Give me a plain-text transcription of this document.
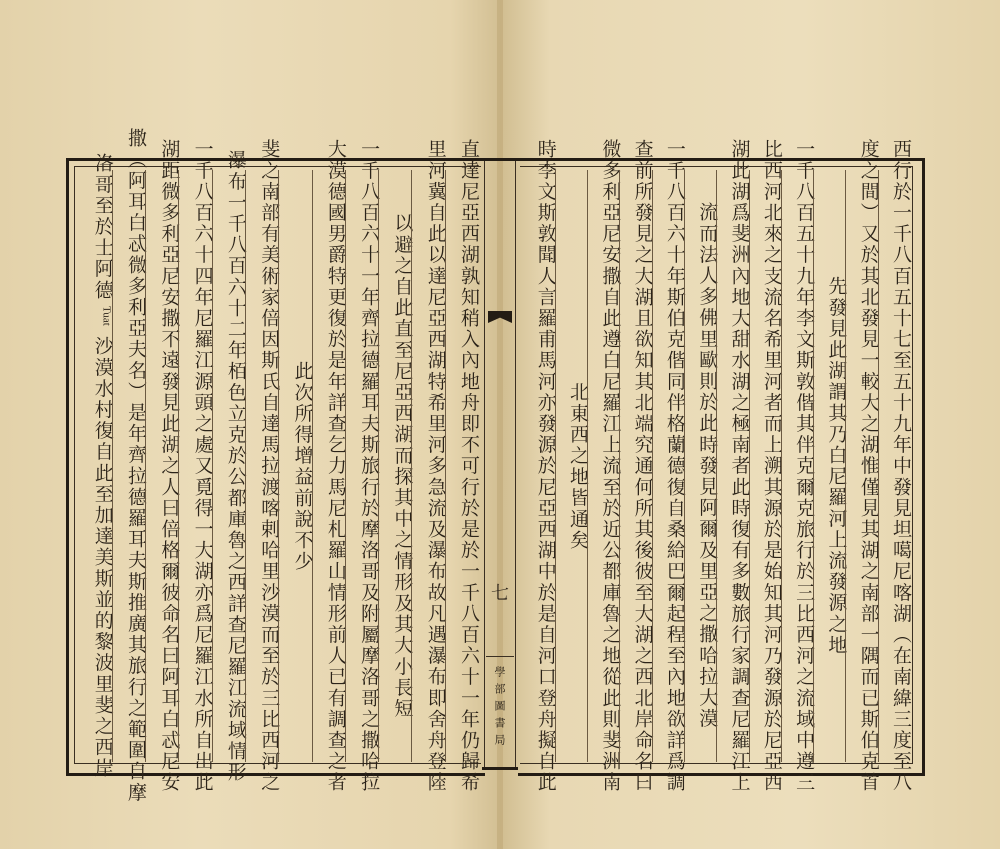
七
學部圖書局	西行於一千八百五十七至五十九年中發見坦噶尼喀湖（在南緯三度至八
度之間）又於其北發見一較大之湖惟僅見其湖之南部一隅而已斯伯克首
先發見此湖謂其乃白尼羅河上流發源之地
一千八百五十九年李文斯敦偕其伴克爾克旅行於三比西河之流域中遵三
比西河北來之支流名希里河者而上溯其源於是始知其河乃發源於尼亞西
湖此湖爲斐洲內地大甜水湖之極南者此時復有多數旅行家調查尼羅江上
流而法人多佛里歐則於此時發見阿爾及里亞之撒哈拉大漠
一千八百六十年斯伯克偕同伴格蘭德復自桑給巴爾起程至內地欲詳爲調
查前所發見之大湖且欲知其北端究通何所其後彼至大湖之西北岸命名曰
微多利亞尼安撒自此遵白尼羅江上流至於近公都庫魯之地從此則斐洲南
北東西之地皆通矣
時李文斯敦聞人言羅甫馬河亦發源於尼亞西湖中於是自河口登舟擬自此
直達尼亞西湖孰知稍入內地舟即不可行於是於一千八百六十一年仍歸希
里河冀自此以達尼亞西湖特希里河多急流及瀑布故凡遇瀑布即舍舟登陸
以避之自此直至尼亞西湖而探其中之情形及其大小長短
一千八百六十一年齊拉德羅耳夫斯旅行於摩洛哥及附屬摩洛哥之撒哈拉
大漠德國男爵特更復於是年詳查乞力馬尼札羅山情形前人已有調查之者
此次所得增益前說不少
斐之南部有美術家倍因斯氏自達馬拉渡喀剌哈里沙漠而至於三比西河之
瀑布一千八百六十二年栢色立克於公都庫魯之西詳查尼羅江流域情形
一千八百六十四年尼羅江源頭之處又覓得一大湖亦爲尼羅江水所自出此
湖距微多利亞尼安撒不遠發見此湖之人曰倍格爾彼命名曰阿耳白忒尼安
撒（阿耳白忒微多利亞夫名）是年齊拉德羅耳夫斯推廣其旅行之範圍自摩
洛哥至於士阿德
Tuat
沙漠水村復自此至加達美斯並的黎波里斐之西岸
